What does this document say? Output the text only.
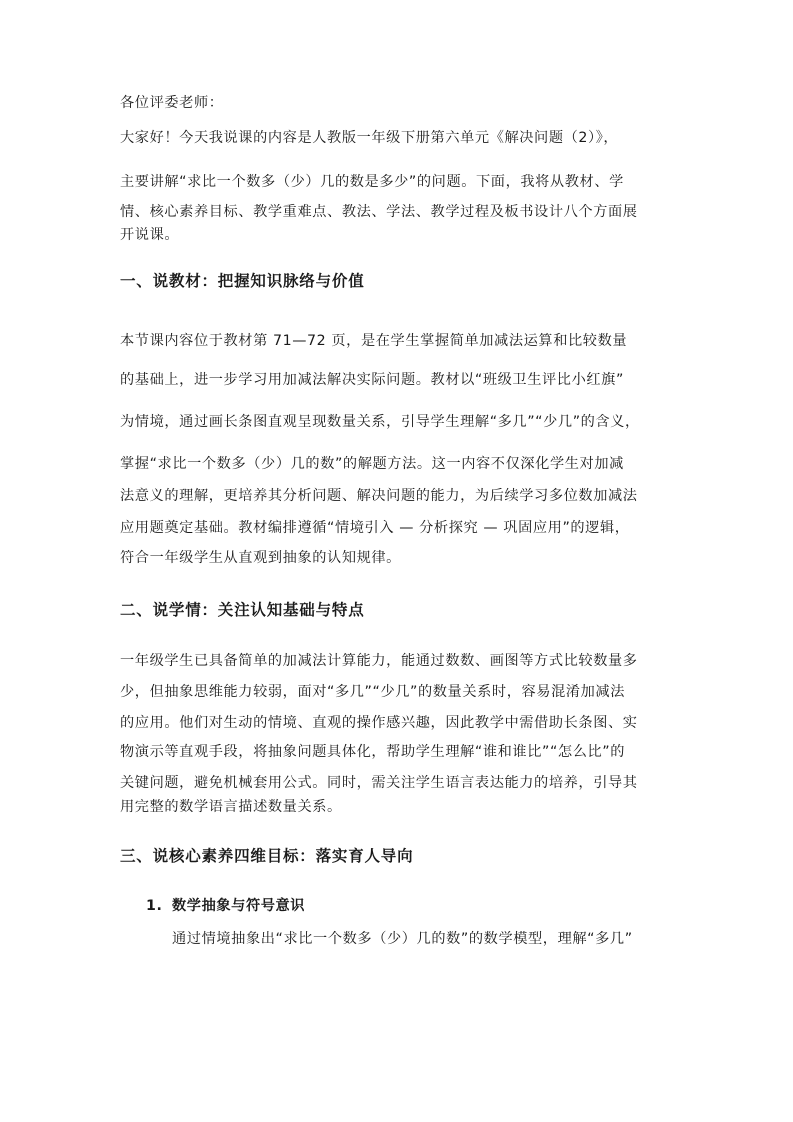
各位评委老师：

大家好！今天我说课的内容是人教版一年级下册第六单元《解决问题（2）》，

主要讲解“求比一个数多（少）几的数是多少”的问题。下面，我将从教材、学

情、核心素养目标、教学重难点、教法、学法、教学过程及板书设计八个方面展

开说课。

一、说教材：把握知识脉络与价值

本节课内容位于教材第 71—72 页，是在学生掌握简单加减法运算和比较数量

的基础上，进一步学习用加减法解决实际问题。教材以“班级卫生评比小红旗”

为情境，通过画长条图直观呈现数量关系，引导学生理解“多几”“少几”的含义，

掌握“求比一个数多（少）几的数”的解题方法。这一内容不仅深化学生对加减

法意义的理解，更培养其分析问题、解决问题的能力，为后续学习多位数加减法

应用题奠定基础。教材编排遵循“情境引入 — 分析探究 — 巩固应用”的逻辑，

符合一年级学生从直观到抽象的认知规律。

二、说学情：关注认知基础与特点

一年级学生已具备简单的加减法计算能力，能通过数数、画图等方式比较数量多

少，但抽象思维能力较弱，面对“多几”“少几”的数量关系时，容易混淆加减法

的应用。他们对生动的情境、直观的操作感兴趣，因此教学中需借助长条图、实

物演示等直观手段，将抽象问题具体化，帮助学生理解“谁和谁比”“怎么比”的

关键问题，避免机械套用公式。同时，需关注学生语言表达能力的培养，引导其

用完整的数学语言描述数量关系。

三、说核心素养四维目标：落实育人导向

1. 数学抽象与符号意识

通过情境抽象出“求比一个数多（少）几的数”的数学模型，理解“多几”
